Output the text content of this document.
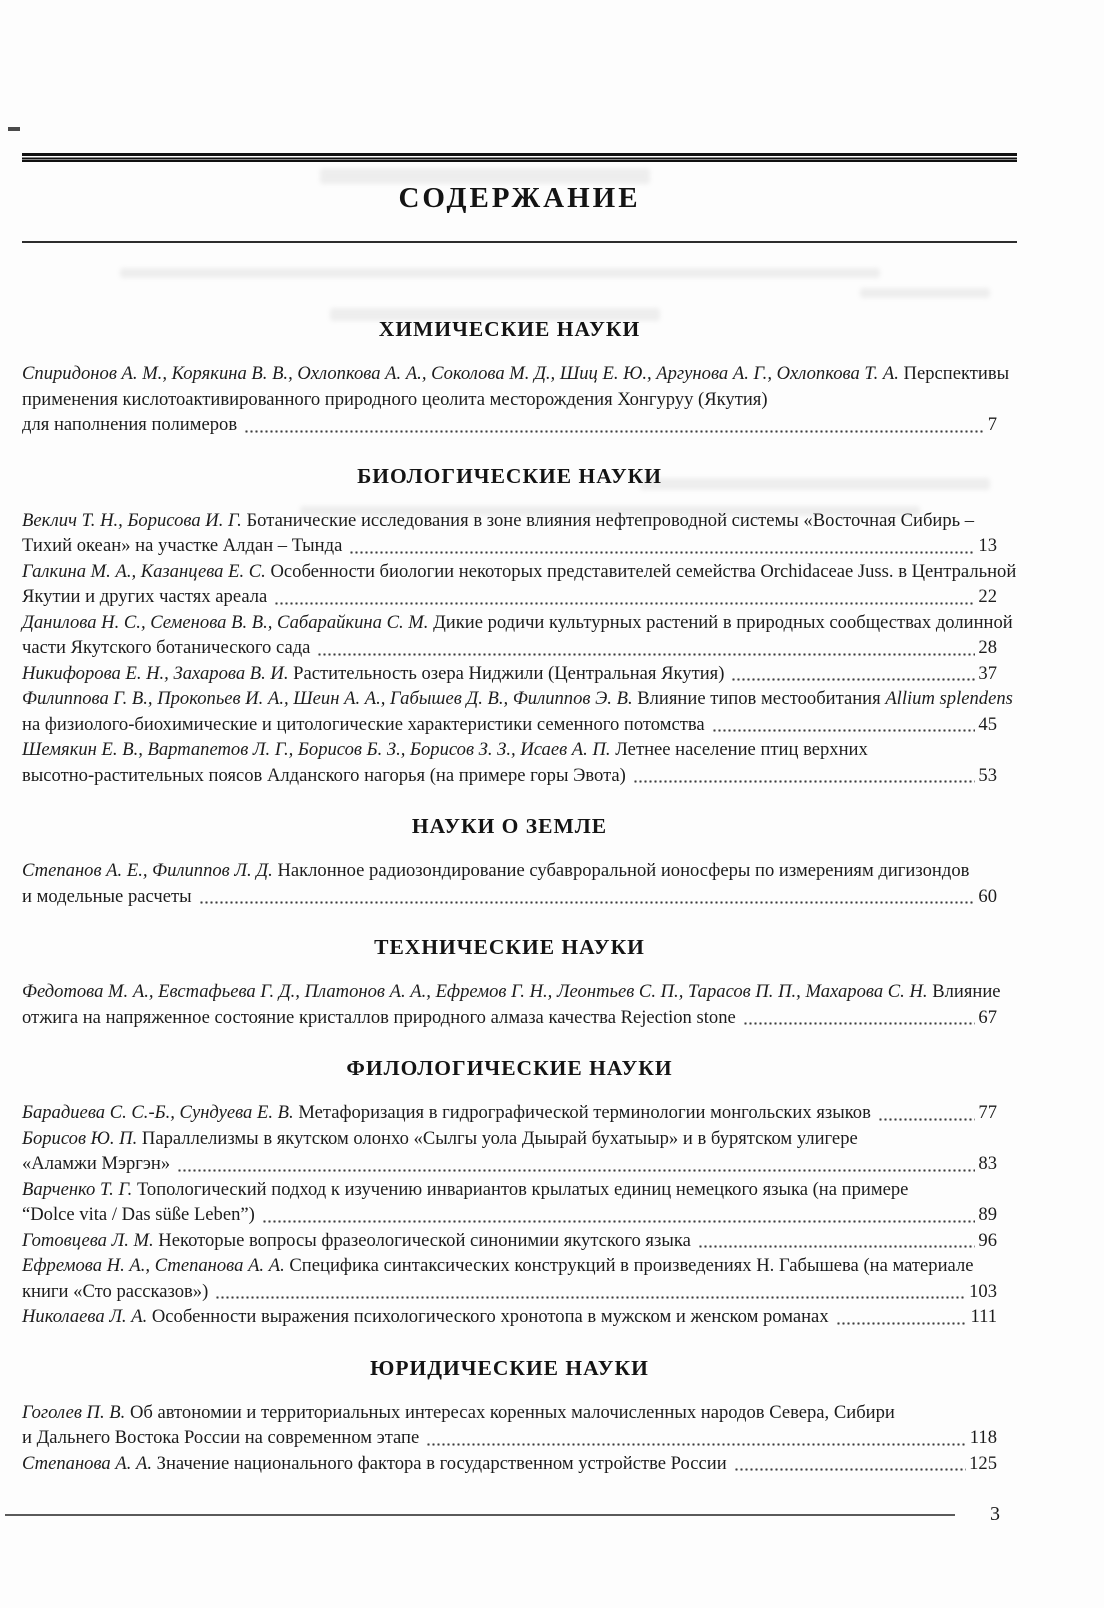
СОДЕРЖАНИЕ
ХИМИЧЕСКИЕ НАУКИ
Спиридонов А. М., Корякина В. В., Охлопкова А. А., Соколова М. Д., Шиц Е. Ю., Аргунова А. Г., Охлопкова Т. А. Перспективы
применения кислотоактивированного природного цеолита месторождения Хонгуруу (Якутия)
для наполнения полимеров	7
БИОЛОГИЧЕСКИЕ НАУКИ
Веклич Т. Н., Борисова И. Г. Ботанические исследования в зоне влияния нефтепроводной системы «Восточная Сибирь –
Тихий океан» на участке Алдан – Тында	13
Галкина М. А., Казанцева Е. С. Особенности биологии некоторых представителей семейства Orchidaceae Juss. в Центральной
Якутии и других частях ареала	22
Данилова Н. С., Семенова В. В., Сабарайкина С. М. Дикие родичи культурных растений в природных сообществах долинной
части Якутского ботанического сада	28
Никифорова Е. Н., Захарова В. И. Растительность озера Ниджили (Центральная Якутия)	37
Филиппова Г. В., Прокопьев И. А., Шеин А. А., Габышев Д. В., Филиппов Э. В. Влияние типов местообитания Allium splendens
на физиолого-биохимические и цитологические характеристики семенного потомства	45
Шемякин Е. В., Вартапетов Л. Г., Борисов Б. З., Борисов З. З., Исаев А. П. Летнее население птиц верхних
высотно-растительных поясов Алданского нагорья (на примере горы Эвота)	53
НАУКИ О ЗЕМЛЕ
Степанов А. Е., Филиппов Л. Д. Наклонное радиозондирование субавроральной ионосферы по измерениям дигизондов
и модельные расчеты	60
ТЕХНИЧЕСКИЕ НАУКИ
Федотова М. А., Евстафьева Г. Д., Платонов А. А., Ефремов Г. Н., Леонтьев С. П., Тарасов П. П., Махарова С. Н. Влияние
отжига на напряженное состояние кристаллов природного алмаза качества Rejection stone	67
ФИЛОЛОГИЧЕСКИЕ НАУКИ
Барадиева С. С.-Б., Сундуева Е. В. Метафоризация в гидрографической терминологии монгольских языков	77
Борисов Ю. П. Параллелизмы в якутском олонхо «Сылгы уола Дыырай бухатыыр» и в бурятском улигере
«Аламжи Мэргэн»	83
Варченко Т. Г. Топологический подход к изучению инвариантов крылатых единиц немецкого языка (на примере
“Dolce vita / Das süße Leben”)	89
Готовцева Л. М. Некоторые вопросы фразеологической синонимии якутского языка	96
Ефремова Н. А., Степанова А. А. Специфика синтаксических конструкций в произведениях Н. Габышева (на материале
книги «Сто рассказов»)	103
Николаева Л. А. Особенности выражения психологического хронотопа в мужском и женском романах	111
ЮРИДИЧЕСКИЕ НАУКИ
Гоголев П. В. Об автономии и территориальных интересах коренных малочисленных народов Севера, Сибири
и Дальнего Востока России на современном этапе	118
Степанова А. А. Значение национального фактора в государственном устройстве России	125
3
